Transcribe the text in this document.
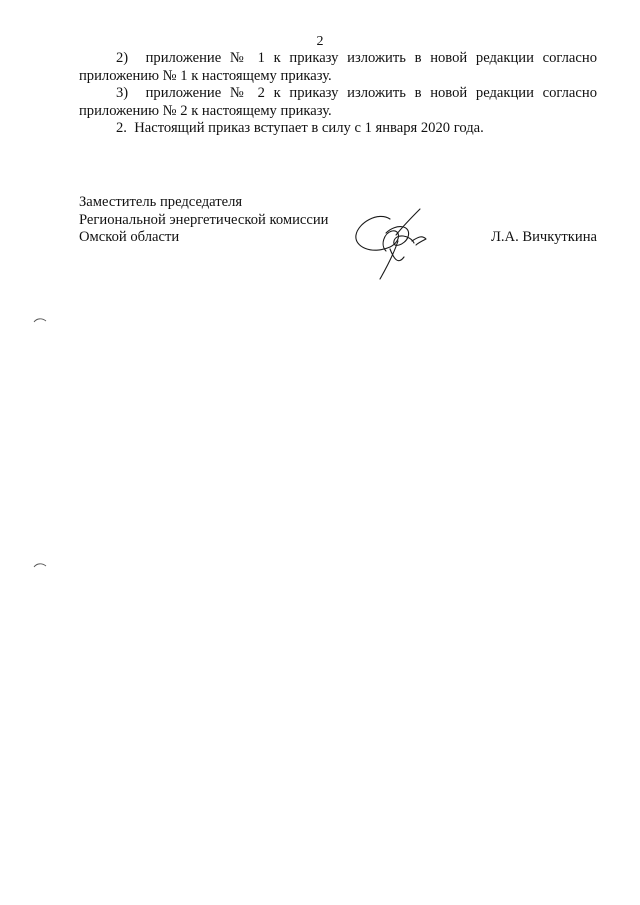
2

2)  приложение № 1 к приказу изложить в новой редакции согласно приложению № 1 к настоящему приказу.

3)  приложение № 2 к приказу изложить в новой редакции согласно приложению № 2 к настоящему приказу.

2.  Настоящий приказ вступает в силу с 1 января 2020 года.

Заместитель председателя
Региональной энергетической комиссии
Омской области	Л.А. Вичкуткина
